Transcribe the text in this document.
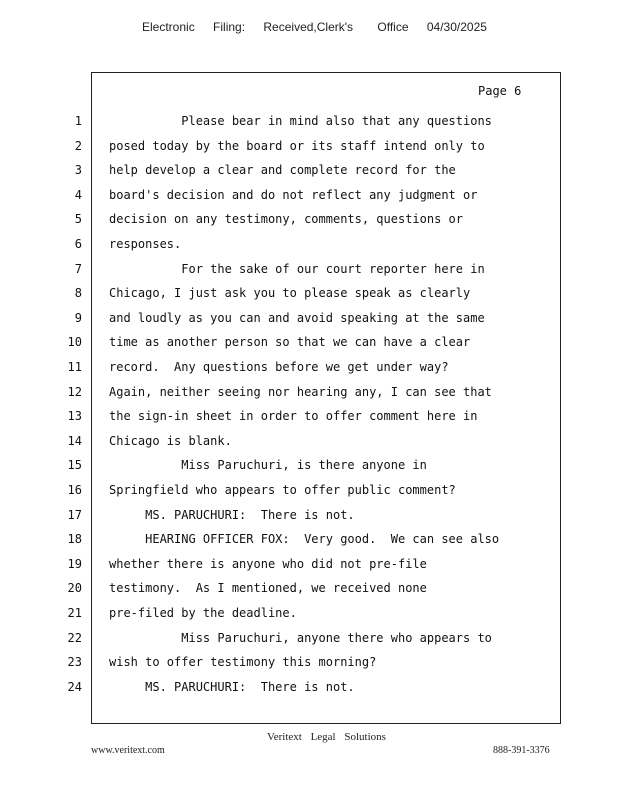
Electronic Filing: Received,Clerk's Office 04/30/2025
Page 6
1 Please bear in mind also that any questions
2 posed today by the board or its staff intend only to
3 help develop a clear and complete record for the
4 board's decision and do not reflect any judgment or
5 decision on any testimony, comments, questions or
6 responses.
7 For the sake of our court reporter here in
8 Chicago, I just ask you to please speak as clearly
9 and loudly as you can and avoid speaking at the same
10 time as another person so that we can have a clear
11 record.  Any questions before we get under way?
12 Again, neither seeing nor hearing any, I can see that
13 the sign-in sheet in order to offer comment here in
14 Chicago is blank.
15 Miss Paruchuri, is there anyone in
16 Springfield who appears to offer public comment?
17 MS. PARUCHURI:  There is not.
18 HEARING OFFICER FOX:  Very good.  We can see also
19 whether there is anyone who did not pre-file
20 testimony.  As I mentioned, we received none
21 pre-filed by the deadline.
22 Miss Paruchuri, anyone there who appears to
23 wish to offer testimony this morning?
24 MS. PARUCHURI:  There is not.
Veritext Legal Solutions
www.veritext.com	888-391-3376
